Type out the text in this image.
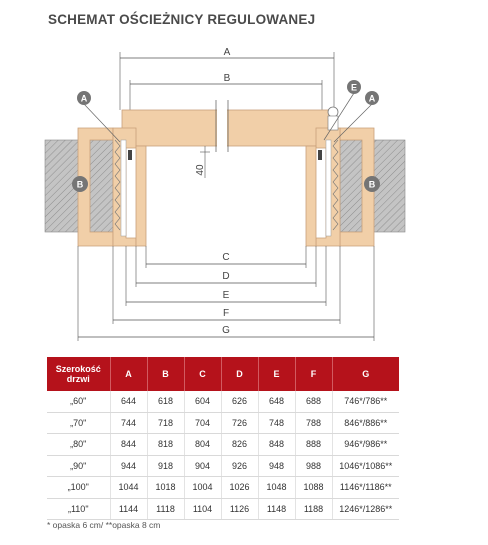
SCHEMAT OŚCIEŻNICY REGULOWANEJ
A
B
40
B	B
A
E
A
C
D
E
F
G
Szerokość drzwi	A	B	C	D	E	F	G
„60"	644	618	604	626	648	688	746*/786**
„70"	744	718	704	726	748	788	846*/886**
„80"	844	818	804	826	848	888	946*/986**
„90"	944	918	904	926	948	988	1046*/1086**
„100"	1044	1018	1004	1026	1048	1088	1146*/1186**
„110"	1144	1118	1104	1126	1148	1188	1246*/1286**
* opaska 6 cm/ **opaska 8 cm
